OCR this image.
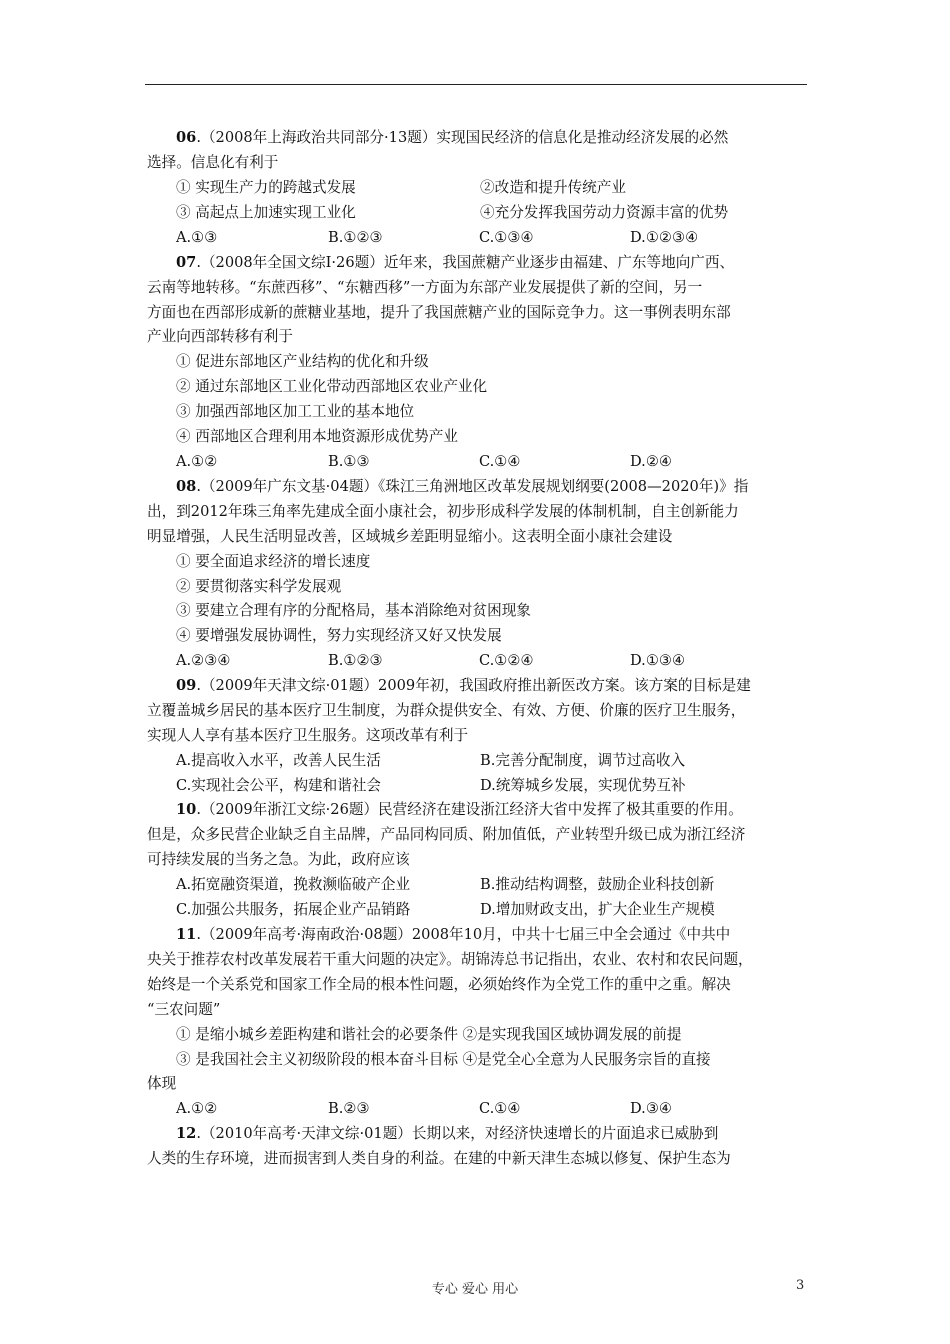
06.（2008年上海政治共同部分·13题）实现国民经济的信息化是推动经济发展的必然
选择。信息化有利于
① 实现生产力的跨越式发展	②改造和提升传统产业
③ 高起点上加速实现工业化	④充分发挥我国劳动力资源丰富的优势
A.①③	B.①②③	C.①③④	D.①②③④
07.（2008年全国文综Ⅰ·26题）近年来，我国蔗糖产业逐步由福建、广东等地向广西、
云南等地转移。“东蔗西移”、“东糖西移”一方面为东部产业发展提供了新的空间，另一
方面也在西部形成新的蔗糖业基地，提升了我国蔗糖产业的国际竞争力。这一事例表明东部
产业向西部转移有利于
① 促进东部地区产业结构的优化和升级
② 通过东部地区工业化带动西部地区农业产业化
③ 加强西部地区加工工业的基本地位
④ 西部地区合理利用本地资源形成优势产业
A.①②	B.①③	C.①④	D.②④
08.（2009年广东文基·04题）《珠江三角洲地区改革发展规划纲要(2008—2020年)》指
出，到2012年珠三角率先建成全面小康社会，初步形成科学发展的体制机制，自主创新能力
明显增强，人民生活明显改善，区域城乡差距明显缩小。这表明全面小康社会建设
① 要全面追求经济的增长速度
② 要贯彻落实科学发展观
③ 要建立合理有序的分配格局，基本消除绝对贫困现象
④ 要增强发展协调性，努力实现经济又好又快发展
A.②③④	B.①②③	C.①②④	D.①③④
09.（2009年天津文综·01题）2009年初，我国政府推出新医改方案。该方案的目标是建
立覆盖城乡居民的基本医疗卫生制度，为群众提供安全、有效、方便、价廉的医疗卫生服务，
实现人人享有基本医疗卫生服务。这项改革有利于
A.提高收入水平，改善人民生活	B.完善分配制度，调节过高收入
C.实现社会公平，构建和谐社会	D.统筹城乡发展，实现优势互补
10.（2009年浙江文综·26题）民营经济在建设浙江经济大省中发挥了极其重要的作用。
但是，众多民营企业缺乏自主品牌，产品同构同质、附加值低，产业转型升级已成为浙江经济
可持续发展的当务之急。为此，政府应该
A.拓宽融资渠道，挽救濒临破产企业	B.推动结构调整，鼓励企业科技创新
C.加强公共服务，拓展企业产品销路	D.增加财政支出，扩大企业生产规模
11.（2009年高考·海南政治·08题）2008年10月，中共十七届三中全会通过《中共中
央关于推荐农村改革发展若干重大问题的决定》。胡锦涛总书记指出，农业、农村和农民问题，
始终是一个关系党和国家工作全局的根本性问题，必须始终作为全党工作的重中之重。解决
“三农问题”
① 是缩小城乡差距构建和谐社会的必要条件 ②是实现我国区域协调发展的前提
③ 是我国社会主义初级阶段的根本奋斗目标 ④是党全心全意为人民服务宗旨的直接
体现
A.①②	B.②③	C.①④	D.③④
12.（2010年高考·天津文综·01题）长期以来，对经济快速增长的片面追求已威胁到
人类的生存环境，进而损害到人类自身的利益。在建的中新天津生态城以修复、保护生态为
专心 爱心 用心	3
